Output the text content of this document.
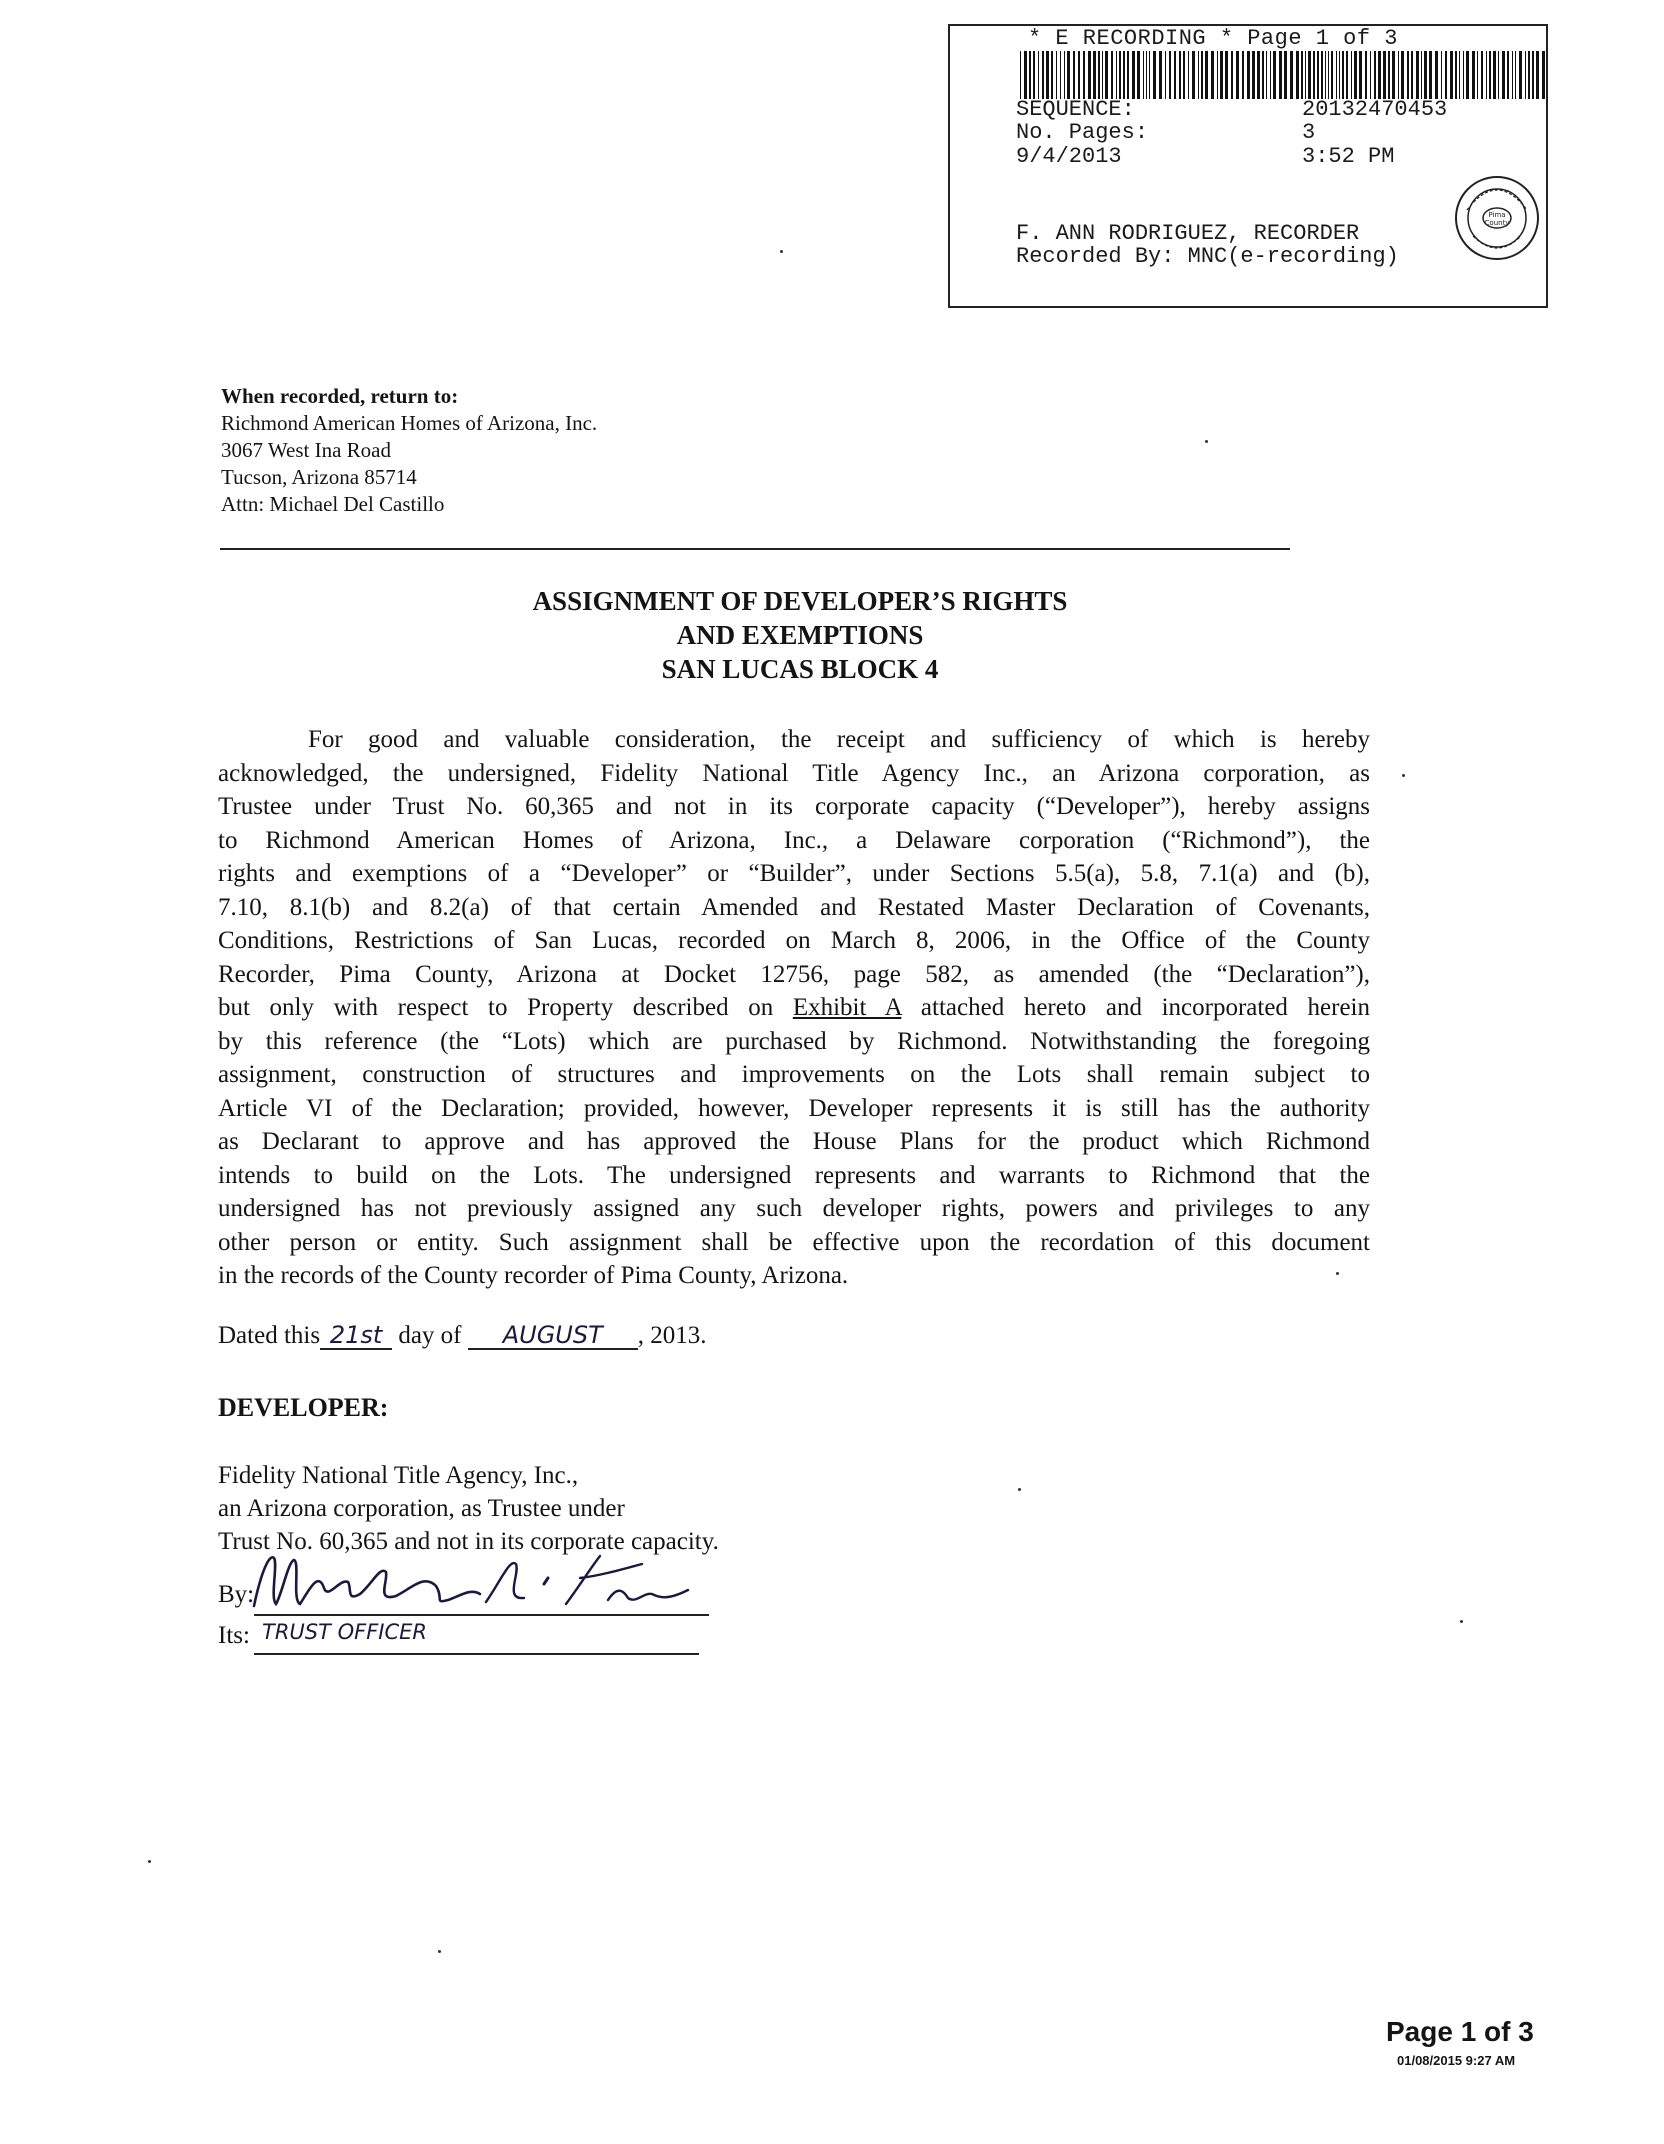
* E RECORDING * Page 1 of 3
SEQUENCE:	20132470453
No. Pages:	3
9/4/2013	3:52 PM
F. ANN RODRIGUEZ, RECORDER
Recorded By: MNC(e-recording)
Pima
County
When recorded, return to:
Richmond American Homes of Arizona, Inc.
3067 West Ina Road
Tucson, Arizona 85714
Attn: Michael Del Castillo
ASSIGNMENT OF DEVELOPER’S RIGHTS
AND EXEMPTIONS
SAN LUCAS BLOCK 4
For good and valuable consideration, the receipt and sufficiency of which is hereby
acknowledged, the undersigned, Fidelity National Title Agency Inc., an Arizona corporation, as
Trustee under Trust No. 60,365 and not in its corporate capacity (“Developer”), hereby assigns
to Richmond American Homes of Arizona, Inc., a Delaware corporation (“Richmond”), the
rights and exemptions of a “Developer” or “Builder”, under Sections 5.5(a), 5.8, 7.1(a) and (b),
7.10, 8.1(b) and 8.2(a) of that certain Amended and Restated Master Declaration of Covenants,
Conditions, Restrictions of San Lucas, recorded on March 8, 2006, in the Office of the County
Recorder, Pima County, Arizona at Docket 12756, page 582, as amended (the “Declaration”),
but only with respect to Property described on Exhibit A attached hereto and incorporated herein
by this reference (the “Lots) which are purchased by Richmond. Notwithstanding the foregoing
assignment, construction of structures and improvements on the Lots shall remain subject to
Article VI of the Declaration; provided, however, Developer represents it is still has the authority
as Declarant to approve and has approved the House Plans for the product which Richmond
intends to build on the Lots. The undersigned represents and warrants to Richmond that the
undersigned has not previously assigned any such developer rights, powers and privileges to any
other person or entity. Such assignment shall be effective upon the recordation of this document
in the records of the County recorder of Pima County, Arizona.
Dated this 21st day of AUGUST , 2013.
DEVELOPER:
Fidelity National Title Agency, Inc.,
an Arizona corporation, as Trustee under
Trust No. 60,365 and not in its corporate capacity.
By:
Its: TRUST OFFICER
Page 1 of 3
01/08/2015 9:27 AM
